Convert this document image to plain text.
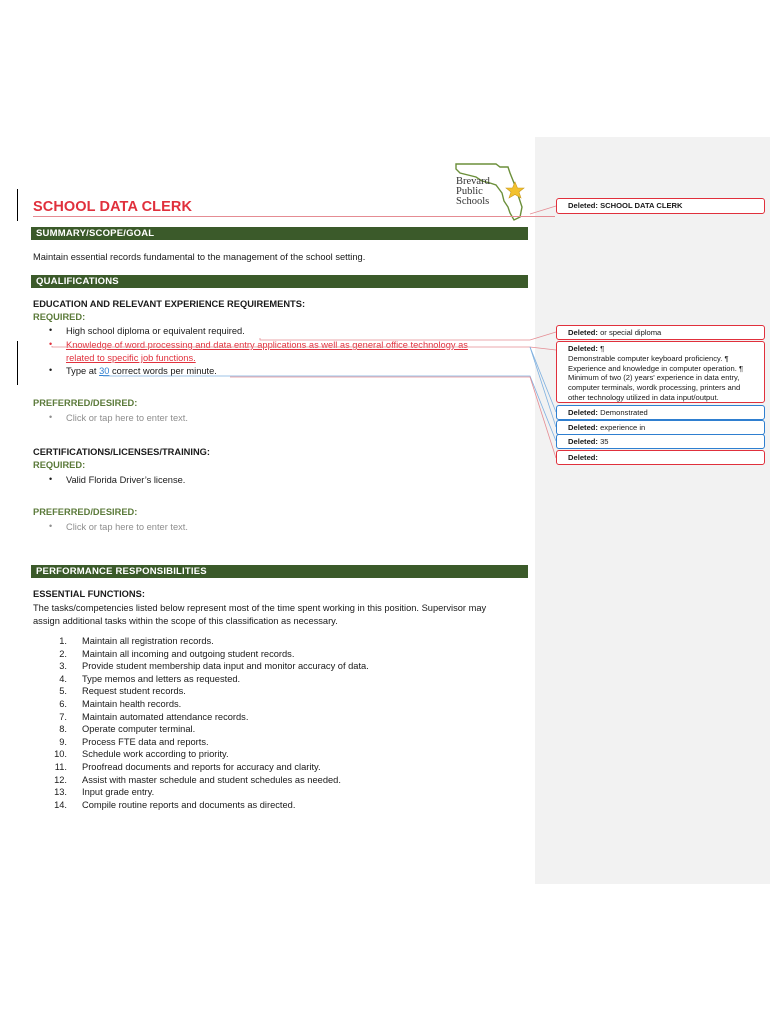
Brevard
Public
Schools
SCHOOL DATA CLERK
SUMMARY/SCOPE/GOAL
Maintain essential records fundamental to the management of the school setting.
QUALIFICATIONS
EDUCATION AND RELEVANT EXPERIENCE REQUIREMENTS:
REQUIRED:
• High school diploma or equivalent required.
• Knowledge of word processing and data entry applications as well as general office technology as
related to specific job functions.
• Type at 30 correct words per minute.
PREFERRED/DESIRED:
• Click or tap here to enter text.
CERTIFICATIONS/LICENSES/TRAINING:
REQUIRED:
• Valid Florida Driver’s license.
PREFERRED/DESIRED:
• Click or tap here to enter text.
PERFORMANCE RESPONSIBILITIES
ESSENTIAL FUNCTIONS:
The tasks/competencies listed below represent most of the time spent working in this position. Supervisor may
assign additional tasks within the scope of this classification as necessary.
1. Maintain all registration records.
2. Maintain all incoming and outgoing student records.
3. Provide student membership data input and monitor accuracy of data.
4. Type memos and letters as requested.
5. Request student records.
6. Maintain health records.
7. Maintain automated attendance records.
8. Operate computer terminal.
9. Process FTE data and reports.
10. Schedule work according to priority.
11. Proofread documents and reports for accuracy and clarity.
12. Assist with master schedule and student schedules as needed.
13. Input grade entry.
14. Compile routine reports and documents as directed.
Deleted: SCHOOL DATA CLERK
Deleted: or special diploma
Deleted: ¶
Demonstrable computer keyboard proficiency. ¶
Experience and knowledge in computer operation. ¶
Minimum of two (2) years' experience in data entry,
computer terminals, wordk processing, printers and
other technology utilized in data input/output.
Deleted: Demonstrated
Deleted: experience in
Deleted: 35
Deleted:
